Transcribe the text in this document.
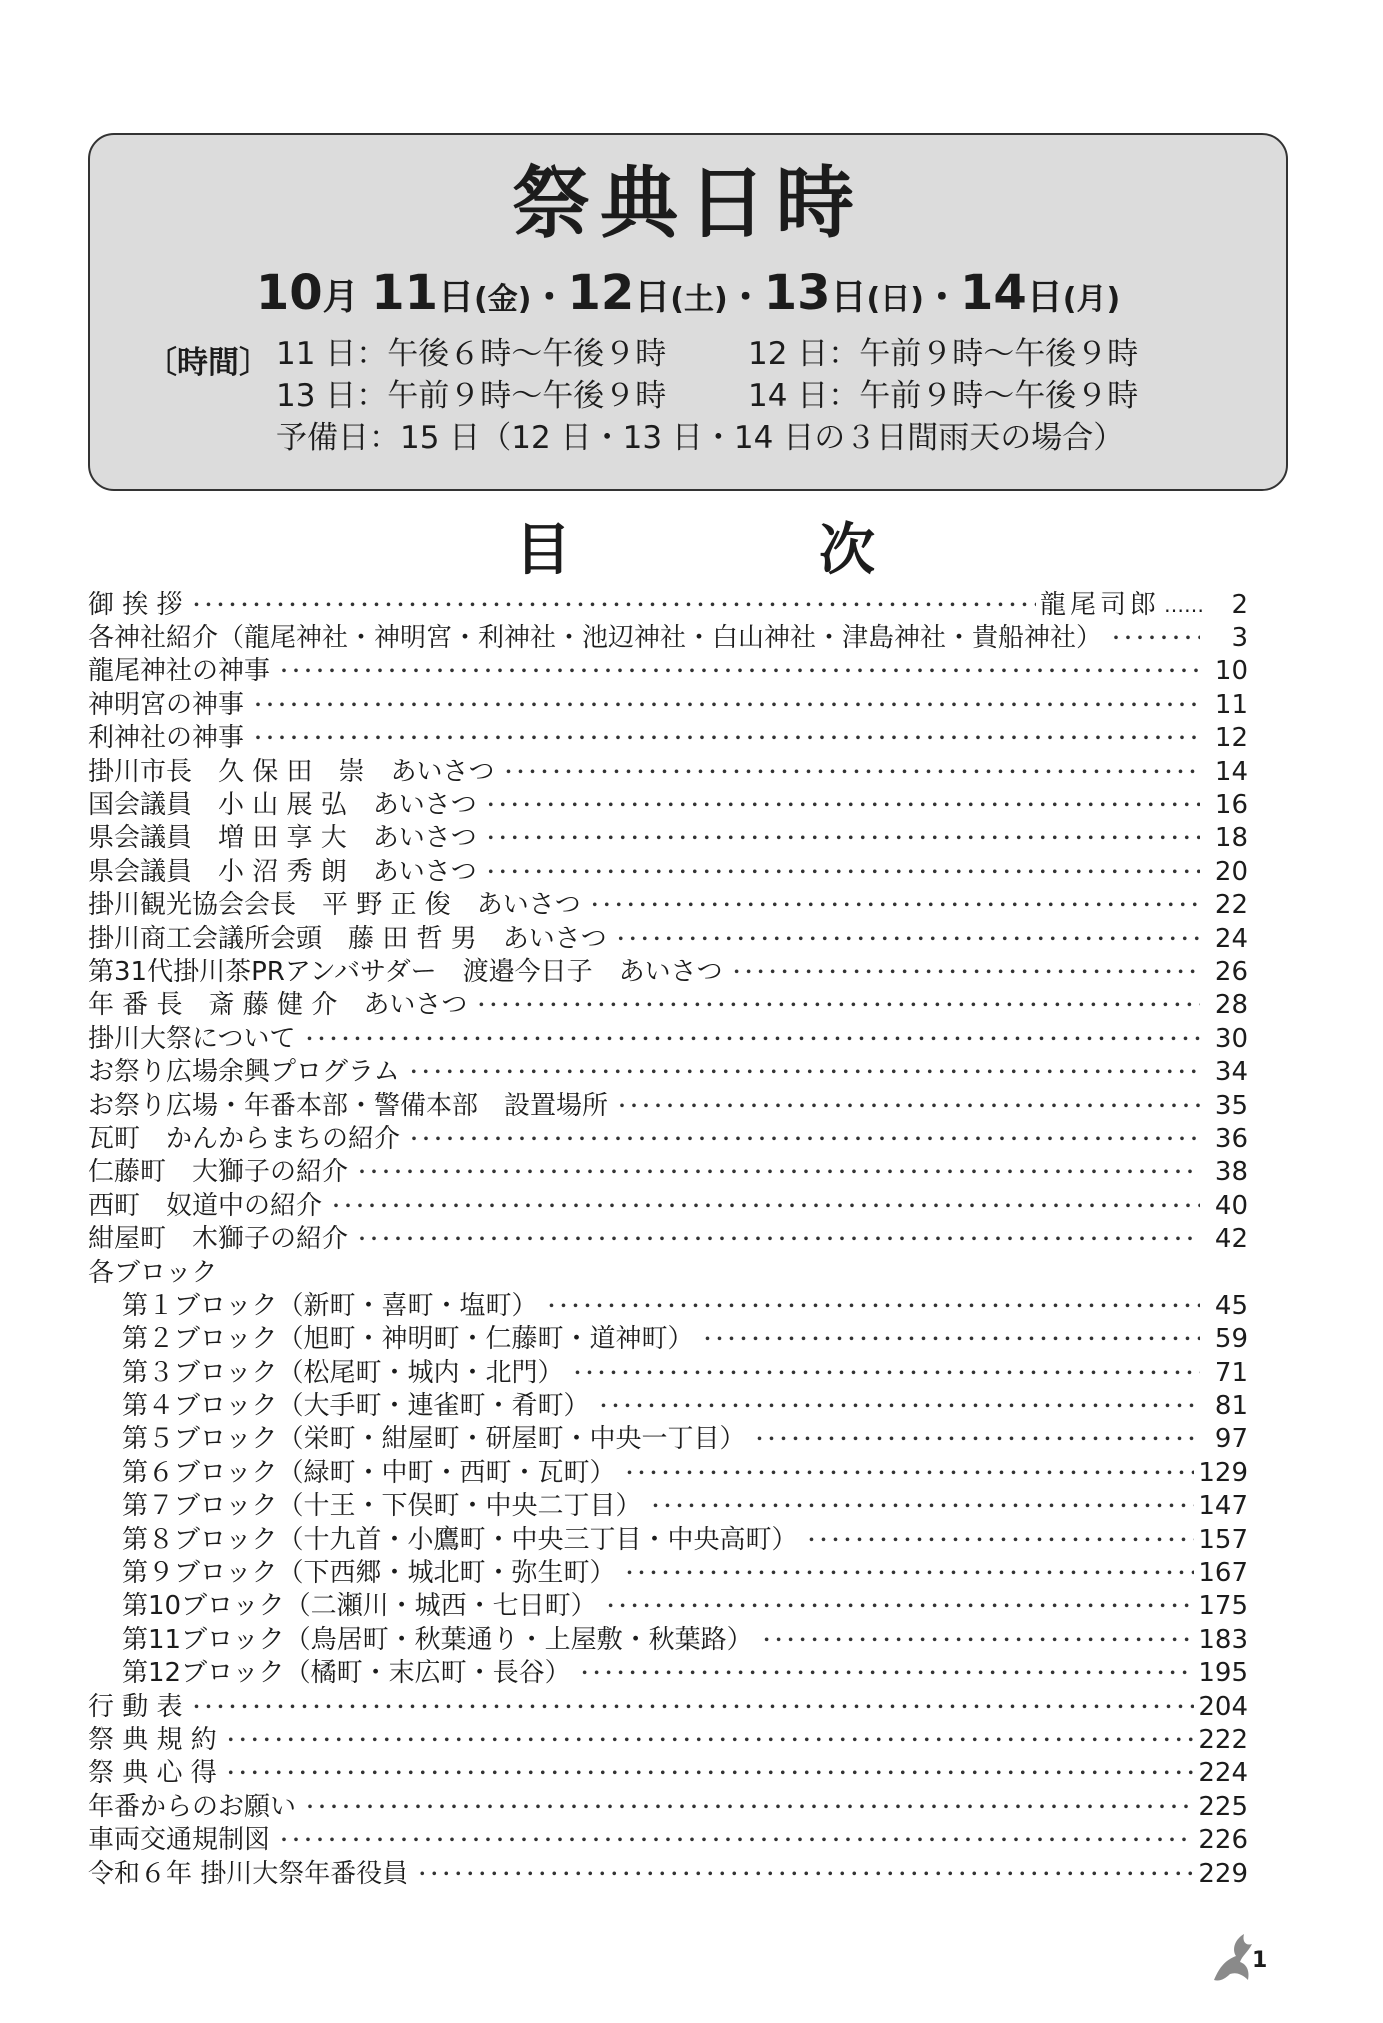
祭典日時
10月 11日(金)・12日(土)・13日(日)・14日(月)
〔時間〕 11 日：午後６時～午後９時	12 日：午前９時～午後９時
13 日：午前９時～午後９時	14 日：午前９時～午後９時
予備日：15 日（12 日・13 日・14 日の３日間雨天の場合）
目	次
御 挨 拶 ・・・・・・・・・・・・・・・・・・・・・・・・・・・・・・・・・・・・・・・・・・・・・・・・・・・・・・・・・・・・・・・・・・・・・・・・・・・・・・・・・・・・・・・・・・・	龍尾司郎 ……	2
各神社紹介（龍尾神社・神明宮・利神社・池辺神社・白山神社・津島神社・貴船神社） ・・・・・・・・・・・・・・・・・・・・・・・・・・・・・・・・・・・・・・・・・・・・・・・・・・・・・・・・・・・・・・・・・・・・・・・・・・・・・・・・・・・・・・・・・・・	3
龍尾神社の神事 ・・・・・・・・・・・・・・・・・・・・・・・・・・・・・・・・・・・・・・・・・・・・・・・・・・・・・・・・・・・・・・・・・・・・・・・・・・・・・・・・・・・・・・・・・・・	10
神明宮の神事 ・・・・・・・・・・・・・・・・・・・・・・・・・・・・・・・・・・・・・・・・・・・・・・・・・・・・・・・・・・・・・・・・・・・・・・・・・・・・・・・・・・・・・・・・・・・	11
利神社の神事 ・・・・・・・・・・・・・・・・・・・・・・・・・・・・・・・・・・・・・・・・・・・・・・・・・・・・・・・・・・・・・・・・・・・・・・・・・・・・・・・・・・・・・・・・・・・	12
掛川市長　久 保 田　崇　あいさつ ・・・・・・・・・・・・・・・・・・・・・・・・・・・・・・・・・・・・・・・・・・・・・・・・・・・・・・・・・・・・・・・・・・・・・・・・・・・・・・・・・・・・・・・・・・・	14
国会議員　小 山 展 弘　あいさつ ・・・・・・・・・・・・・・・・・・・・・・・・・・・・・・・・・・・・・・・・・・・・・・・・・・・・・・・・・・・・・・・・・・・・・・・・・・・・・・・・・・・・・・・・・・・	16
県会議員　増 田 享 大　あいさつ ・・・・・・・・・・・・・・・・・・・・・・・・・・・・・・・・・・・・・・・・・・・・・・・・・・・・・・・・・・・・・・・・・・・・・・・・・・・・・・・・・・・・・・・・・・・	18
県会議員　小 沼 秀 朗　あいさつ ・・・・・・・・・・・・・・・・・・・・・・・・・・・・・・・・・・・・・・・・・・・・・・・・・・・・・・・・・・・・・・・・・・・・・・・・・・・・・・・・・・・・・・・・・・・	20
掛川観光協会会長　平 野 正 俊　あいさつ ・・・・・・・・・・・・・・・・・・・・・・・・・・・・・・・・・・・・・・・・・・・・・・・・・・・・・・・・・・・・・・・・・・・・・・・・・・・・・・・・・・・・・・・・・・・	22
掛川商工会議所会頭　藤 田 哲 男　あいさつ ・・・・・・・・・・・・・・・・・・・・・・・・・・・・・・・・・・・・・・・・・・・・・・・・・・・・・・・・・・・・・・・・・・・・・・・・・・・・・・・・・・・・・・・・・・・	24
第31代掛川茶PRアンバサダー　渡邉今日子　あいさつ ・・・・・・・・・・・・・・・・・・・・・・・・・・・・・・・・・・・・・・・・・・・・・・・・・・・・・・・・・・・・・・・・・・・・・・・・・・・・・・・・・・・・・・・・・・・	26
年 番 長　斎 藤 健 介　あいさつ ・・・・・・・・・・・・・・・・・・・・・・・・・・・・・・・・・・・・・・・・・・・・・・・・・・・・・・・・・・・・・・・・・・・・・・・・・・・・・・・・・・・・・・・・・・・	28
掛川大祭について ・・・・・・・・・・・・・・・・・・・・・・・・・・・・・・・・・・・・・・・・・・・・・・・・・・・・・・・・・・・・・・・・・・・・・・・・・・・・・・・・・・・・・・・・・・・	30
お祭り広場余興プログラム ・・・・・・・・・・・・・・・・・・・・・・・・・・・・・・・・・・・・・・・・・・・・・・・・・・・・・・・・・・・・・・・・・・・・・・・・・・・・・・・・・・・・・・・・・・・	34
お祭り広場・年番本部・警備本部　設置場所 ・・・・・・・・・・・・・・・・・・・・・・・・・・・・・・・・・・・・・・・・・・・・・・・・・・・・・・・・・・・・・・・・・・・・・・・・・・・・・・・・・・・・・・・・・・・	35
瓦町　かんからまちの紹介 ・・・・・・・・・・・・・・・・・・・・・・・・・・・・・・・・・・・・・・・・・・・・・・・・・・・・・・・・・・・・・・・・・・・・・・・・・・・・・・・・・・・・・・・・・・・	36
仁藤町　大獅子の紹介 ・・・・・・・・・・・・・・・・・・・・・・・・・・・・・・・・・・・・・・・・・・・・・・・・・・・・・・・・・・・・・・・・・・・・・・・・・・・・・・・・・・・・・・・・・・・	38
西町　奴道中の紹介 ・・・・・・・・・・・・・・・・・・・・・・・・・・・・・・・・・・・・・・・・・・・・・・・・・・・・・・・・・・・・・・・・・・・・・・・・・・・・・・・・・・・・・・・・・・・	40
紺屋町　木獅子の紹介 ・・・・・・・・・・・・・・・・・・・・・・・・・・・・・・・・・・・・・・・・・・・・・・・・・・・・・・・・・・・・・・・・・・・・・・・・・・・・・・・・・・・・・・・・・・・	42
各ブロック
第１ブロック（新町・喜町・塩町） ・・・・・・・・・・・・・・・・・・・・・・・・・・・・・・・・・・・・・・・・・・・・・・・・・・・・・・・・・・・・・・・・・・・・・・・・・・・・・・・・・・・・・・・・・・・	45
第２ブロック（旭町・神明町・仁藤町・道神町） ・・・・・・・・・・・・・・・・・・・・・・・・・・・・・・・・・・・・・・・・・・・・・・・・・・・・・・・・・・・・・・・・・・・・・・・・・・・・・・・・・・・・・・・・・・・	59
第３ブロック（松尾町・城内・北門） ・・・・・・・・・・・・・・・・・・・・・・・・・・・・・・・・・・・・・・・・・・・・・・・・・・・・・・・・・・・・・・・・・・・・・・・・・・・・・・・・・・・・・・・・・・・	71
第４ブロック（大手町・連雀町・肴町） ・・・・・・・・・・・・・・・・・・・・・・・・・・・・・・・・・・・・・・・・・・・・・・・・・・・・・・・・・・・・・・・・・・・・・・・・・・・・・・・・・・・・・・・・・・・	81
第５ブロック（栄町・紺屋町・研屋町・中央一丁目） ・・・・・・・・・・・・・・・・・・・・・・・・・・・・・・・・・・・・・・・・・・・・・・・・・・・・・・・・・・・・・・・・・・・・・・・・・・・・・・・・・・・・・・・・・・・	97
第６ブロック（緑町・中町・西町・瓦町） ・・・・・・・・・・・・・・・・・・・・・・・・・・・・・・・・・・・・・・・・・・・・・・・・・・・・・・・・・・・・・・・・・・・・・・・・・・・・・・・・・・・・・・・・・・・	129
第７ブロック（十王・下俣町・中央二丁目） ・・・・・・・・・・・・・・・・・・・・・・・・・・・・・・・・・・・・・・・・・・・・・・・・・・・・・・・・・・・・・・・・・・・・・・・・・・・・・・・・・・・・・・・・・・・	147
第８ブロック（十九首・小鷹町・中央三丁目・中央高町） ・・・・・・・・・・・・・・・・・・・・・・・・・・・・・・・・・・・・・・・・・・・・・・・・・・・・・・・・・・・・・・・・・・・・・・・・・・・・・・・・・・・・・・・・・・・	157
第９ブロック（下西郷・城北町・弥生町） ・・・・・・・・・・・・・・・・・・・・・・・・・・・・・・・・・・・・・・・・・・・・・・・・・・・・・・・・・・・・・・・・・・・・・・・・・・・・・・・・・・・・・・・・・・・	167
第10ブロック（二瀬川・城西・七日町） ・・・・・・・・・・・・・・・・・・・・・・・・・・・・・・・・・・・・・・・・・・・・・・・・・・・・・・・・・・・・・・・・・・・・・・・・・・・・・・・・・・・・・・・・・・・	175
第11ブロック（鳥居町・秋葉通り・上屋敷・秋葉路） ・・・・・・・・・・・・・・・・・・・・・・・・・・・・・・・・・・・・・・・・・・・・・・・・・・・・・・・・・・・・・・・・・・・・・・・・・・・・・・・・・・・・・・・・・・・	183
第12ブロック（橘町・末広町・長谷） ・・・・・・・・・・・・・・・・・・・・・・・・・・・・・・・・・・・・・・・・・・・・・・・・・・・・・・・・・・・・・・・・・・・・・・・・・・・・・・・・・・・・・・・・・・・	195
行 動 表 ・・・・・・・・・・・・・・・・・・・・・・・・・・・・・・・・・・・・・・・・・・・・・・・・・・・・・・・・・・・・・・・・・・・・・・・・・・・・・・・・・・・・・・・・・・・	204
祭 典 規 約 ・・・・・・・・・・・・・・・・・・・・・・・・・・・・・・・・・・・・・・・・・・・・・・・・・・・・・・・・・・・・・・・・・・・・・・・・・・・・・・・・・・・・・・・・・・・	222
祭 典 心 得 ・・・・・・・・・・・・・・・・・・・・・・・・・・・・・・・・・・・・・・・・・・・・・・・・・・・・・・・・・・・・・・・・・・・・・・・・・・・・・・・・・・・・・・・・・・・	224
年番からのお願い ・・・・・・・・・・・・・・・・・・・・・・・・・・・・・・・・・・・・・・・・・・・・・・・・・・・・・・・・・・・・・・・・・・・・・・・・・・・・・・・・・・・・・・・・・・・	225
車両交通規制図 ・・・・・・・・・・・・・・・・・・・・・・・・・・・・・・・・・・・・・・・・・・・・・・・・・・・・・・・・・・・・・・・・・・・・・・・・・・・・・・・・・・・・・・・・・・・	226
令和６年 掛川大祭年番役員 ・・・・・・・・・・・・・・・・・・・・・・・・・・・・・・・・・・・・・・・・・・・・・・・・・・・・・・・・・・・・・・・・・・・・・・・・・・・・・・・・・・・・・・・・・・・	229
1
